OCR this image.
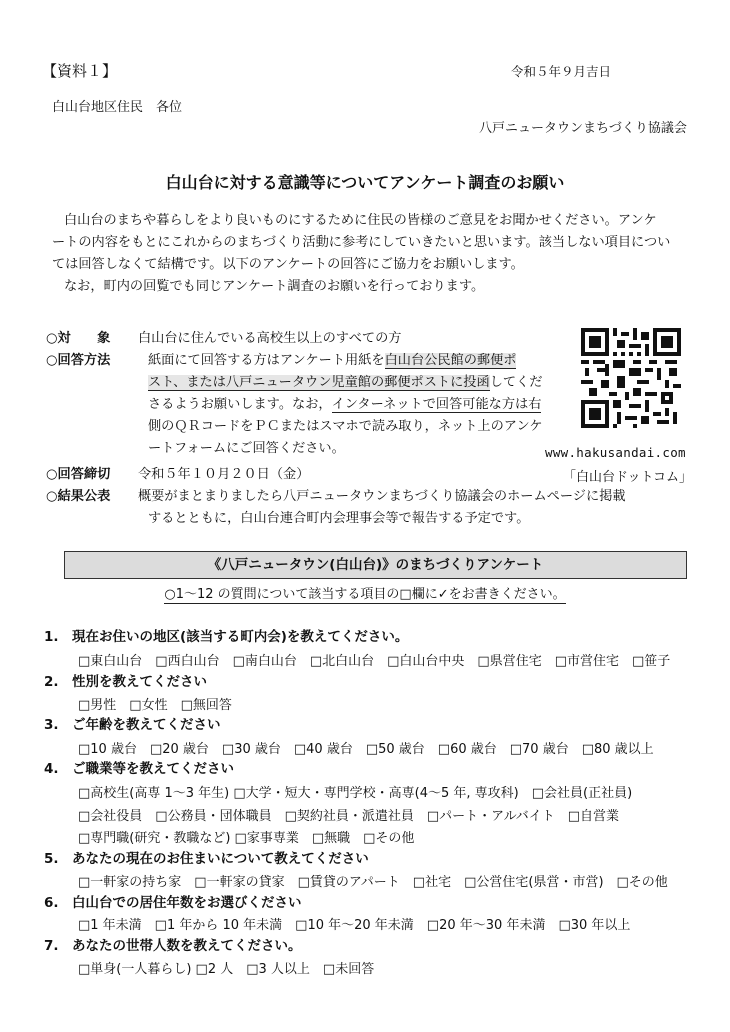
【資料１】	令和５年９月吉日
白山台地区住民　各位
八戸ニュータウンまちづくり協議会
白山台に対する意識等についてアンケート調査のお願い
白山台のまちや暮らしをより良いものにするために住民の皆様のご意見をお聞かせください。アンケ
ートの内容をもとにこれからのまちづくり活動に参考にしていきたいと思います。該当しない項目につい
ては回答しなくて結構です。以下のアンケートの回答にご協力をお願いします。
なお，町内の回覧でも同じアンケート調査のお願いを行っております。
○対　　象 白山台に住んでいる高校生以上のすべての方
○回答方法	紙面にて回答する方はアンケート用紙を白山台公民館の郵便ポ
スト、または八戸ニュータウン児童館の郵便ポストに投函してくだ
さるようお願いします。なお，インターネットで回答可能な方は右
側のＱＲコードをＰＣまたはスマホで読み取り，ネット上のアンケ
ートフォームにご回答ください。	www.hakusandai.com
「白山台ドットコム」
○回答締切 令和５年１０月２０日（金）
○結果公表 概要がまとまりましたら八戸ニュータウンまちづくり協議会のホームページに掲載
するとともに，白山台連合町内会理事会等で報告する予定です。
《八戸ニュータウン(白山台)》のまちづくりアンケート
○1～12 の質問について該当する項目の□欄に✓をお書きください。
1.　現在お住いの地区(該当する町内会)を教えてください。
□東白山台　□西白山台　□南白山台　□北白山台　□白山台中央　□県営住宅　□市営住宅　□笹子
2.　性別を教えてください
□男性　□女性　□無回答
3.　ご年齢を教えてください
□10 歳台　□20 歳台　□30 歳台　□40 歳台　□50 歳台　□60 歳台　□70 歳台　□80 歳以上
4.　ご職業等を教えてください
□高校生(高専 1～3 年生) □大学・短大・専門学校・高専(4～5 年, 専攻科)　□会社員(正社員)
□会社役員　□公務員・団体職員　□契約社員・派遣社員　□パート・アルバイト　□自営業
□専門職(研究・教職など) □家事専業　□無職　□その他
5.　あなたの現在のお住まいについて教えてください
□一軒家の持ち家　□一軒家の貸家　□賃貸のアパート　□社宅　□公営住宅(県営・市営)　□その他
6.　白山台での居住年数をお選びください
□1 年未満　□1 年から 10 年未満　□10 年～20 年未満　□20 年～30 年未満　□30 年以上
7.　あなたの世帯人数を教えてください。
□単身(一人暮らし) □2 人　□3 人以上　□未回答
